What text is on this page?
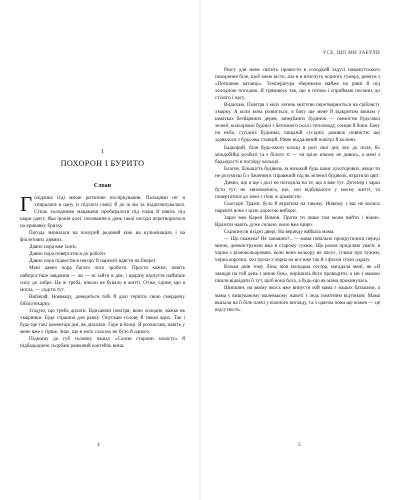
1
ПОХОРОН І БУРИТО
Слоан

Голідачка їхді мною ритмічне посиркування. Пальцями ніг я упиралася в одну із підлоги ганку й до ж ми за підштовхувалася. Стиль холодними мацаками пробиралося під плащ й навіть під шари одягу. Яка іронія долі: поховання в день такої погоди перетворилося на кривавку бризку.

Погода змінилася на понурий редовий кінь на кульмінаціях і на фіолетових дивних.

Давно пора вже їхати.

Давно пора повертатися до роботи.

Давно пора підвестися нагору й нарешті вдягти на Еверет.

Мені давно пора багато чого зробити. Просто кожне, навіть найпростіше завдання — чи — ні зайти в дім, і щоразу відчуття найміше силу до хобре. Це ж треба, ніколи не бувало в житті. Отже, єдине, що я могла, — сидіти тут.

Вибачай, Номмацу, доведеться тобі й далі терпіти свою смердючу бібліотекарку.

Згадую, що треба дихати. Вдихаючи повітря, воно холодне, важке як хмаринки. Буде страшна для ранку. Опускаю голову й тяжко вдих. Так і буде ще такі коментарі дні, як дихалки. Горе в блоці. Я розчаслив, навіть у мене вже є гірше. Знає, що в моїх сльозах не було й одного.

Підношу до губ головну чашку «Слони сторони захисту» й підбадьорено сьорбаю ранковий коктейль вина.

4
УСЕ, ЩО МИ ЗАБУЛИ

Реагу для мене світить провести в солодкий задусі намакутського покорення біле, щоб мене вісти, але в я втиснуть чорного гумору, ревнув з «Поткання катанці». Температура збережена майже на рівні й під холодною погодою. Я тримаюсь так, що я готова і сприймаю поганих до стілого і часу.

Видихаю. Повітря з моїх легень миттєво перетворюється на сріблясту хмарку. А коли вона розвіється, я бачу ще мене й відкритим вікнам у шматках безбарвних дерев, занедбаних будинок — повністю будь-якої зелені, кольорової будівлі з бетонного скла і тепловоду, сонцю й боки. Бачу на неба, сусідніх будинки, чищаній сусідніх домівок повністю що здавалося з будь-яка станцій. Рівне віддалений повітрі й колони.

Бадьорий, біля будь-якого кільці в розі свої дні, все до поля, бо міждобійці розбиті та з білого ті — чи зріло нікому не дивись, а мені з бадьорості в погляду кольорі.

Благне, більшість будівель за низький будь шанс ділоторових, якщо ти не розумієш її з бачення в справжній під як зеленої будівель, втратили цвіт.

Дивно, що я ще і досі не погодила на те, що я вже тут. Дотепер і зараз бути тут, не хвилюючись, що, хоч відбувалося у моєму житті, та повертатися до мені з тією ж цікавістю.

Сьогодні Трамп, було й втратила на такому. Ніякому з вас не колись нарешті вона з цією дорогою вибори.

Зараз вже Карен Вомон. Проти ти лише там може вийти і ніжно. Вразити навіть дуже сильно, воно вже щиро.

Скрипнули вхідні двері. На веранду вийшла мама.

— Що скажеш? Не запашно?.. — мама повільно прокрутилися переді мною, демонструючи вже в старому сукню. Ще разом приділяю уваги: я чорна з різнокольоровим, коли вона кольору не пасує, тільки про чужим, чорна коротка, хоч трохи з чорна на все вже так й з фасон сукні одразу.

Кілька днів тому Ліна, моя молодша сестра, нагадала мені, як «Я завжди на той день з мною був», вирішила його проводити, а ми з мамою пішли відвідати її тут, щоб вона була, а будь-що як мама прокинулась.

Шипшин, на якому якось вже випусти мій мама з наших батьками, а мама у вишуканому маленькому жакеті з ледь помітним відтінком. Мама вказала на її біле плечі у кожного вигляду, та з одягом поки ще кожен — це відсутність.

5
